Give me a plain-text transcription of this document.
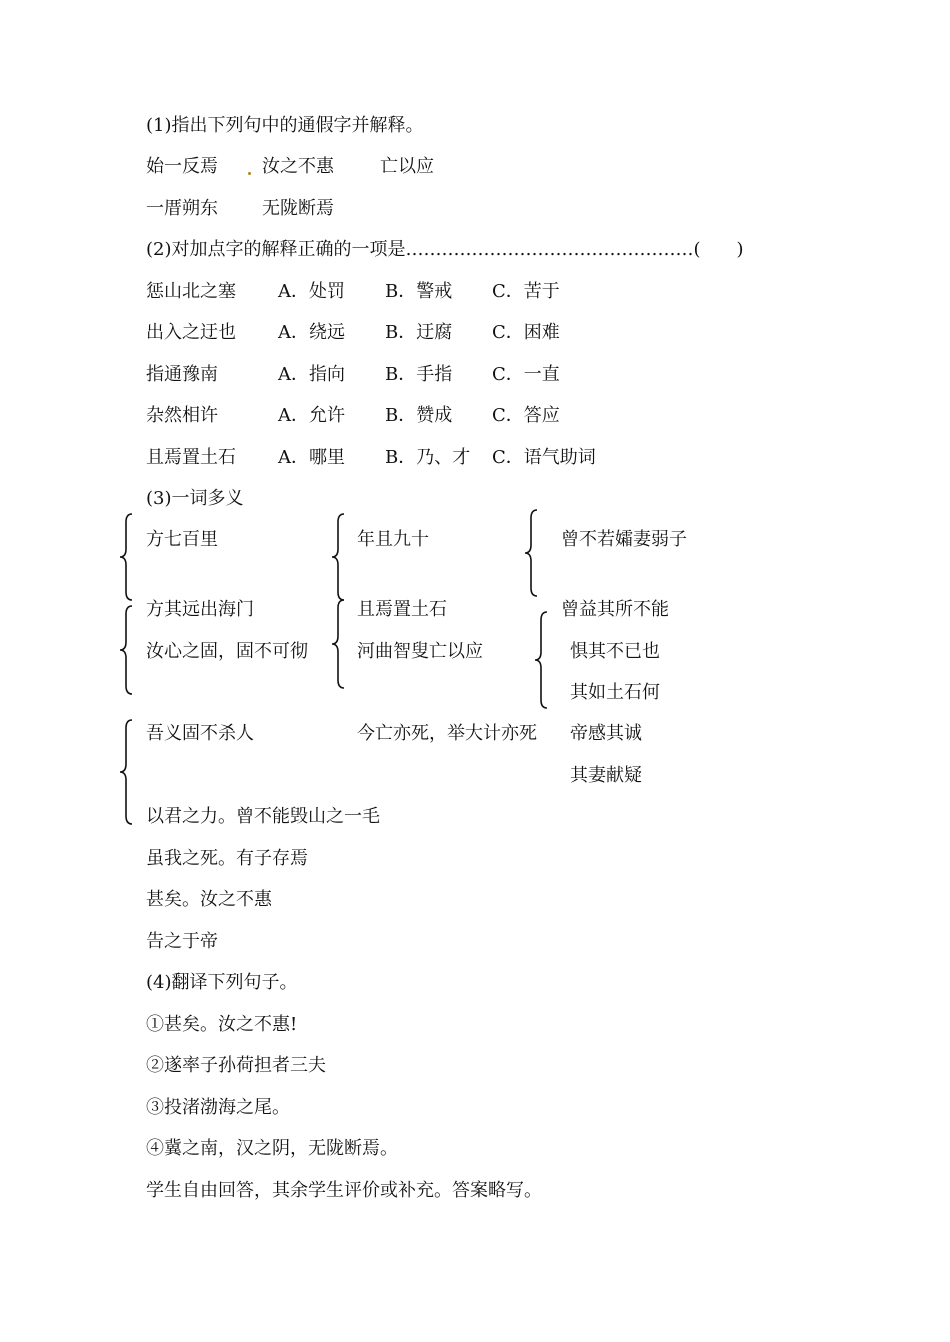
(1)指出下列句中的通假字并解释。
始一反焉 汝之不惠	亡以应
一厝朔东 无陇断焉
(2)对加点字的解释正确的一项是…………………………………………(　　)
惩山北之塞 A．处罚 B．警戒 C．苦于
出入之迂也 A．绕远 B．迂腐 C．困难
指通豫南	A．指向 B．手指 C．一直
杂然相许	A．允许 B．赞成 C．答应
且焉置土石 A．哪里 B．乃、才 C．语气助词
(3)一词多义
方七百里
方其远出海门
年且九十
且焉置土石
曾不若孀妻弱子
曾益其所不能
汝心之固，固不可彻
吾义固不杀人
河曲智叟亡以应
今亡亦死，举大计亦死
惧其不已也
其如土石何
帝感其诚
其妻献疑
以君之力。曾不能毁山之一毛
虽我之死。有子存焉
甚矣。汝之不惠
告之于帝
(4)翻译下列句子。
①甚矣。汝之不惠!
②遂率子孙荷担者三夫
③投渚渤海之尾。
④冀之南，汉之阴，无陇断焉。
学生自由回答，其余学生评价或补充。答案略写。
